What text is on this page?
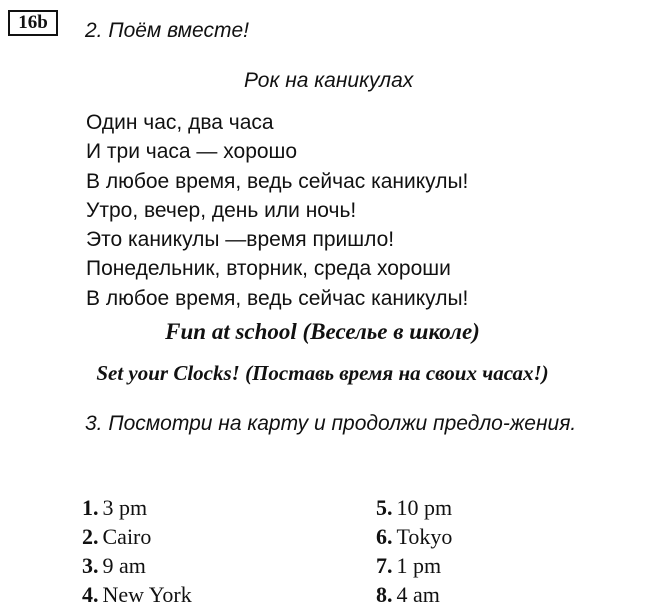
16b	2. Поём вместе!
Рок на каникулах
Один час, два часа
И три часа — хорошо
В любое время, ведь сейчас каникулы!
Утро, вечер, день или ночь!
Это каникулы —время пришло!
Понедельник, вторник, среда хороши
В любое время, ведь сейчас каникулы!
Fun at school (Веселье в школе)
Set your Clocks! (Поставь время на своих часах!)
3. Посмотри на карту и продолжи предло-жения.
1. 3 pm
2. Cairo
3. 9 am
4. New York
5. 10 pm
6. Tokyo
7. 1 pm
8. 4 am
